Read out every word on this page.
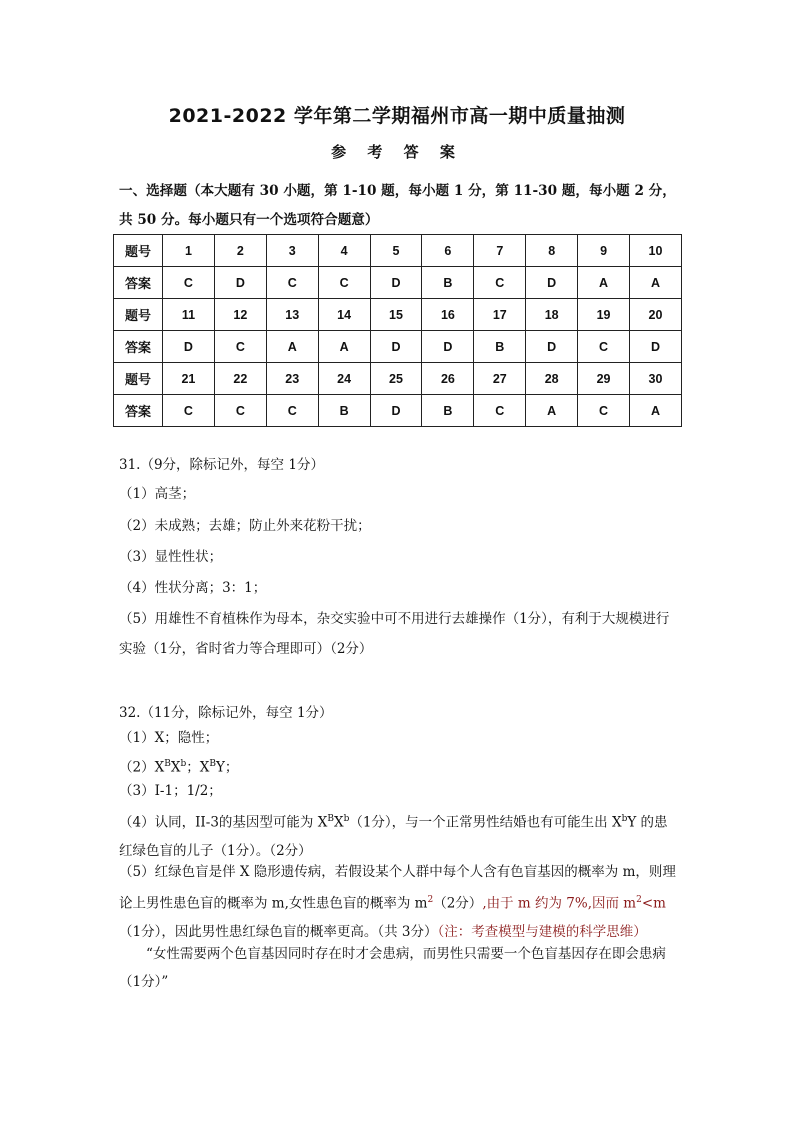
2021-2022 学年第二学期福州市高一期中质量抽测
参 考 答 案
一、选择题（本大题有 30 小题，第 1-10 题，每小题 1 分，第 11-30 题，每小题 2 分，共 50 分。每小题只有一个选项符合题意）
题号	1	2	3	4	5	6	7	8	9	10
答案	C	D	C	C	D	B	C	D	A	A
题号	11	12	13	14	15	16	17	18	19	20
答案	D	C	A	A	D	D	B	D	C	D
题号	21	22	23	24	25	26	27	28	29	30
答案	C	C	C	B	D	B	C	A	C	A
31.（9分，除标记外，每空 1分）
（1）高茎；
（2）未成熟；去雄；防止外来花粉干扰；
（3）显性性状；
（4）性状分离；3：1；
（5）用雄性不育植株作为母本，杂交实验中可不用进行去雄操作（1分），有利于大规模进行实验（1分，省时省力等合理即可）（2分）
32.（11分，除标记外，每空 1分）
（1）X；隐性；
$(2)X^BX^b$；$X^BY$；
（3）I-1；1/2；
（4）认同，II-3的基因型可能为 $X^BX^b(1$分），与一个正常男性结婚也有可能生出 $X^bY$ 的患红绿色盲的儿子（1分）。（2分）
（5）红绿色盲是伴 X 隐形遗传病，若假设某个人群中每个人含有色盲基因的概率为 m，则理论上男性患色盲的概率为 m,女性患色盲的概率为 $m^2(2$分）,由于 m 约为 7%,因而 $m^2<m(1$分），因此男性患红绿色盲的概率更高。（共 3分）（注：考查模型与建模的科学思维）
“女性需要两个色盲基因同时存在时才会患病，而男性只需要一个色盲基因存在即会患病（1分）”
